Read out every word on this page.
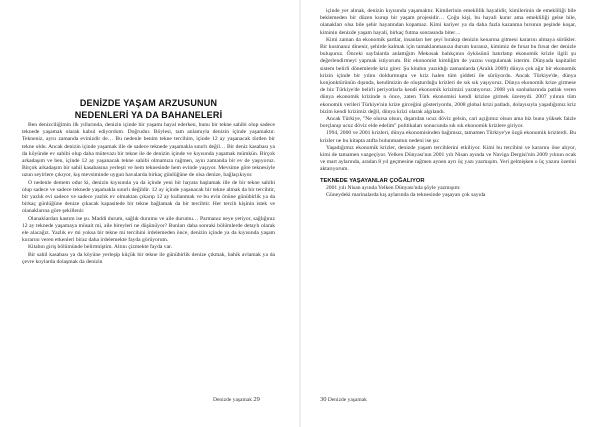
DENİZDE YAŞAM ARZUSUNUN
NEDENLERİ YA DA BAHANELERİ

Ben denizciliğimin ilk yıllarında, denizin içinde bir yaşamı hayal ederken, bunu bir tekne sahibi olup sadece teknede yaşamak olarak kabul ediyordum. Doğrudur. Böylesi, tam anlamıyla denizin içinde yaşamaktır. Tekneniz, ayrıı zamanda evinizdir de… Bu nedenle benim tekne tercihim, içinde 12 ay yaşanacak türden bir tekne oldu. Ancak denizin içinde yaşamak ille de sadece teknede yaşamakla sınırlı değil… Bir deniz kasabası ya da köyünde ev sahibi olup daha mütevazı bir tekne ile de denizin içinde ve kıyısında yaşamak mümkün. Birçok arkadaşım ve ben, içinde 12 ay yaşanacak tekne sahibi olmamıza rağmen, aynı zamanda bir ev de yaşıyoruz. Birçok arkadaşım bir sahil kasabasına yerleşti ve hem teknesinde hem evinde yaşıyor. Mevsime göre teknesiyle uzun seyirlere çıkıyor, kış mevsiminde uygun havalarda birkaç günlüğüne de olsa denize, bağlaçıkıyor.

O nedenle demem odur ki, denizin kıyısında ya da içinde yeni bir hayata başlamak ille de bir tekne sahibi olup sadece ve sadece teknede yaşamakla sınırlı değildir. 12 ay içinde yaşanacak bir tekne almak da bir tercihtir, bir yazlık evi sadece ve sadece yazlık ev olmaktan çıkarıp 12 ay kullanmak ve bu evin önüne günübirlik ya da birkaç günlüğüne denize çıkacak kapasitede bir tekne bağlamak da bir tercihtir. Her tercih kişinin istek ve olanaklarına göre şekillenir.

Olanaklardan kastım ise şu. Maddi durum, sağlık durumu ve aile durumu… Parmanız neye yetiyor, sağlığınız 12 ay teknede yaşamaya müsait mi, aile bireyleri ne düşünüyor? Bunları daha sonraki bölümlerde detaylı olarak ele alacağız. Yazlık ev mi yoksa bir tekne mi tercihini irdelemeden önce, denizin içinde ya da kıyısında yaşam kurarını veren etkenleri biraz daha irdelemekte fayda görüyorum.

Kitabın giriş bölümünde belirtmiştim. Altını çizmekte fayda var.

Bir sahil kasabası ya da köyüne yerleşip küçük bir tekne ile günübirlik denize çıkmak, bahik avlamak ya da çevre koylarda dolaşmak da denizin

Denizde yaşamak 29

içinde yer almak, denizin kıyısında yaşamaktır. Kimilerinin emeklilik hayalidir, kimilerinin de emekliliği bile beklemeden bir düzen kurup bir yaşam projesidir… Çoğu kişi, bu hayali kurar ama emekliliği gelse bile, olanakları olsa bile şehir hayatından kopamaz. Kimi kariyer ya da daha fazla kazanma hırsının peşinde koşar, kiminin denizde yaşam hayali, birkaç futma sonrasında biter…

Kimi zaman da ekonomik şartlar, insanları her şeyi bırakıp denizin kenarına gitmesi kararını almaya sürükler. Bir kusmanız dinenir, şehirde kalmak için tamaklanmanıza durum kuranız, kimimiz de fırsat bu fırsat der denizle buluşuruz. Önceki sayfalarda anlattığım Mekosak balıkçının öyküsünü hatırlatıp ekonomik krizle ilgili şu değerlendirmeyi yapmak istiyorum. Bir ekonomist kimliğim de yazını vurgulamak isterim. Dünyada kapitalist sistem belirli dönemlerde kriz girer. Şu kitabın yazıldığı zamanlarda (Aralık 2009) dünya çok ağır bir ekonomik krizin içinde bir yılını doldurmuştu ve kriz halen tüm şiddeti ile sürüyordu. Ancak Türkiye'de, dünya konjonktürünün dışında, kendimizin de oluşturduğu krizleri de sık sık yaşıyoruz. Dünya ekonomik krize girmese de biz Türkiye'de belirli periyotlarla kendi ekonomik krizimizi yaratıyoruz. 2008 yılı sonbaharında patlak veren dünya ekonomik krizinde n önce, zaten Türk ekonomisi kendi krizine girmek üzereydi. 2007 yılının tüm ekonomik verileri Türkiye'nin krize girceğini gösteriyordu, 2008 global krizi patladı, dolayısıyla yaşadığımız kriz bizim kendi krizimiz değil, dünya krizi olarak algılandı.

Ancak Türkiye, "Ne olursa olsun, dışarıdan ucuz döviz gelsin, cari açığımız olsun ama biz bunu yüksek faizle borçlanıp ucuz döviz elde edelim" politikaları sonucunda sık sık ekonomik krizlere giriyor.

1994, 2000 ve 2001 krizleri, dünya ekonomisinden bağımsız, tamamen Türkiye'ye özgü ekonomik krizlerdi. Bu krizler ne bu kitapta atıfta bulunmamın nedeni ise şu:

Yaşadığımız ekonomik krizler, denizde yaşam tercihlerini etkiliyor. Kimi bu tercihini ve kararını öne alıyor, kimi de tamamen vazgeçiyor. Yelken Dünyası'nın 2001 yılı Nisan ayında ve Naviga Dergisi'nin 2009 yılının ocak ve mart aylarında, aradan 8 yıl geçmesine rağmen aynen ayrı üç yazı yazmışım. Yeri gelmişken o üç yazını özetini aktarıyorum.

TEKNEDE YAŞAYANLAR ÇOĞALIYOR

2001 yılı Nisan ayında Yelken Dünyası'nda şöyle yazmışım:

Güneydeki marinalarda kış aylarında da teknesinde yaşayan çok sayıda

30 Denizde yaşamak
